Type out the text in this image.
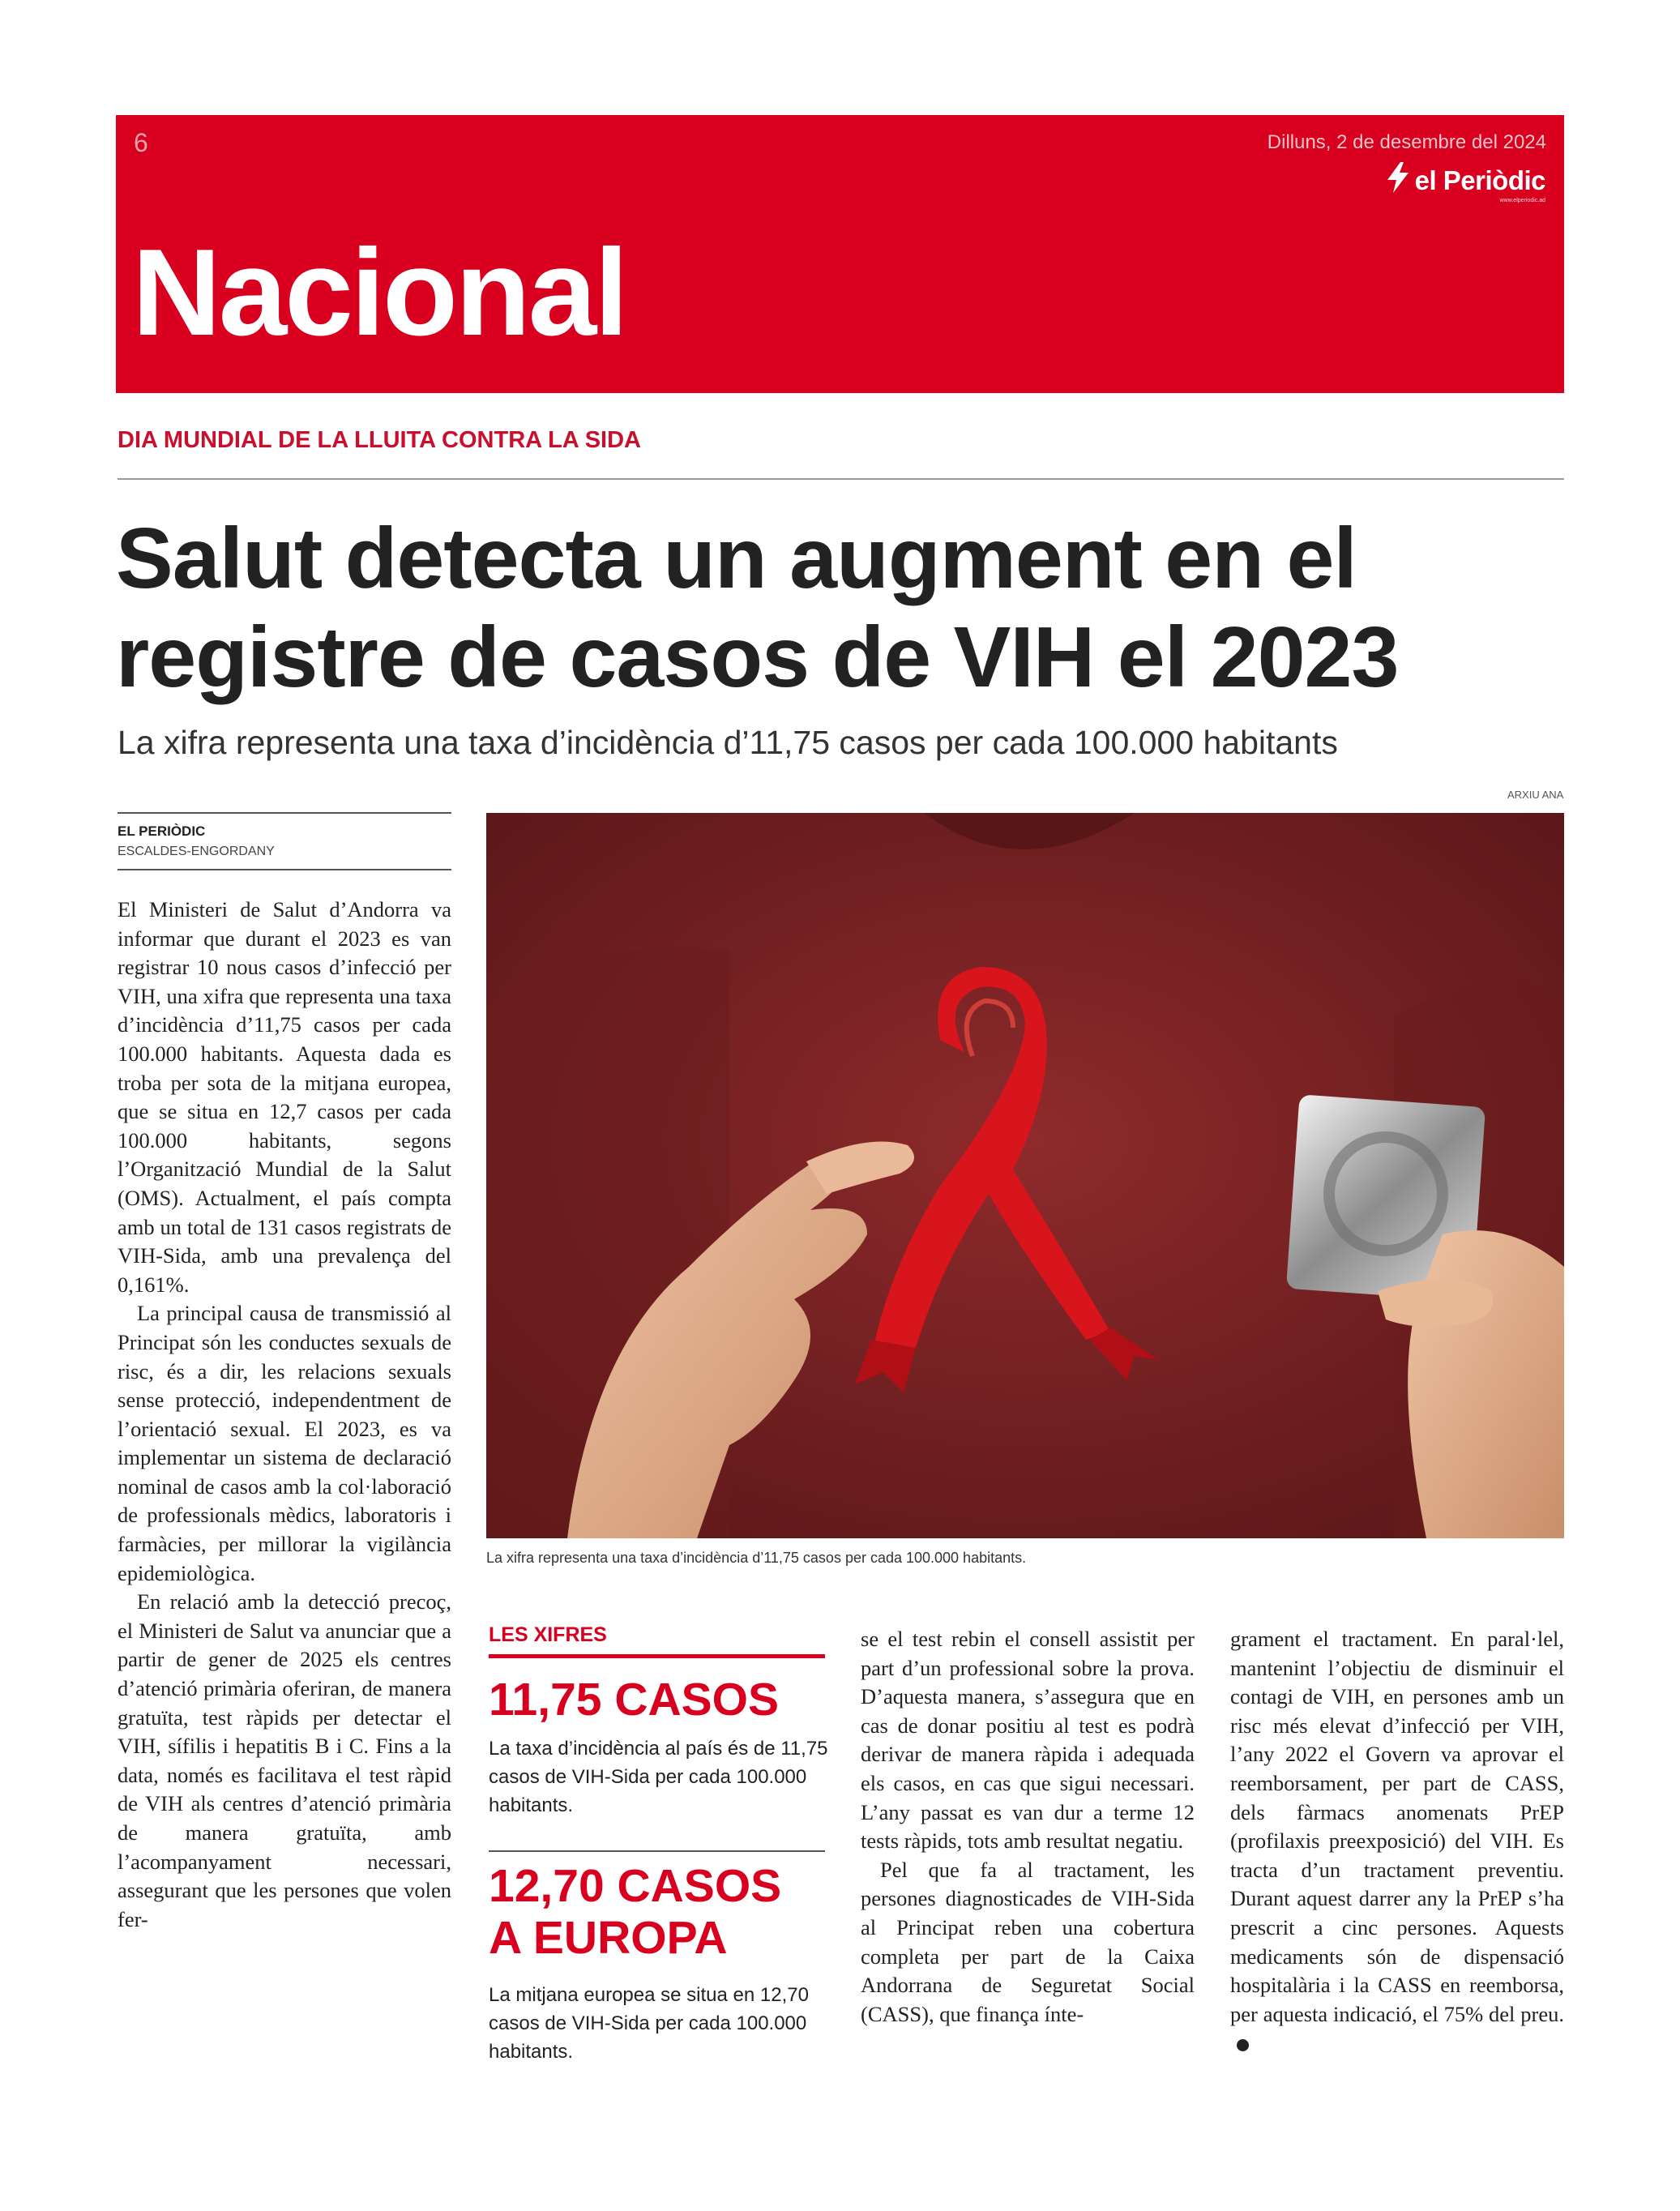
6	Dilluns, 2 de desembre del 2024
el Periòdic
www.elperiodic.ad
Nacional
DIA MUNDIAL DE LA LLUITA CONTRA LA SIDA
Salut detecta un augment en el registre de casos de VIH el 2023
La xifra representa una taxa d’incidència d’11,75 casos per cada 100.000 habitants
ARXIU ANA
EL PERIÒDIC
ESCALDES-ENGORDANY

El Ministeri de Salut d’Andorra va informar que durant el 2023 es van registrar 10 nous casos d’infecció per VIH, una xifra que representa una taxa d’incidència d’11,75 casos per cada 100.000 habitants. Aquesta dada es troba per sota de la mitjana europea, que se situa en 12,7 casos per cada 100.000 habitants, segons l’Organització Mundial de la Salut (OMS). Actualment, el país compta amb un total de 131 casos registrats de VIH-Sida, amb una prevalença del 0,161%.

La principal causa de transmissió al Principat són les conductes sexuals de risc, és a dir, les relacions sexuals sense protecció, independentment de l’orientació sexual. El 2023, es va implementar un sistema de declaració nominal de casos amb la col·laboració de professionals mèdics, laboratoris i farmàcies, per millorar la vigilància epidemiològica.

En relació amb la detecció precoç, el Ministeri de Salut va anunciar que a partir de gener de 2025 els centres d’atenció primària oferiran, de manera gratuïta, test ràpids per detectar el VIH, sífilis i hepatitis B i C. Fins a la data, només es facilitava el test ràpid de VIH als centres d’atenció primària de manera gratuïta, amb l’acompanyament necessari, assegurant que les persones que volen fer-

La xifra representa una taxa d’incidència d’11,75 casos per cada 100.000 habitants.
LES XIFRES
11,75 CASOS
La taxa d’incidència al país és de 11,75 casos de VIH-Sida per cada 100.000 habitants.
12,70 CASOS
A EUROPA
La mitjana europea se situa en 12,70 casos de VIH-Sida per cada 100.000 habitants.

se el test rebin el consell assistit per part d’un professional sobre la prova. D’aquesta manera, s’assegura que en cas de donar positiu al test es podrà derivar de manera ràpida i adequada els casos, en cas que sigui necessari. L’any passat es van dur a terme 12 tests ràpids, tots amb resultat negatiu.

Pel que fa al tractament, les persones diagnosticades de VIH-Sida al Principat reben una cobertura completa per part de la Caixa Andorrana de Seguretat Social (CASS), que finança ínte-

grament el tractament. En paral·lel, mantenint l’objectiu de disminuir el contagi de VIH, en persones amb un risc més elevat d’infecció per VIH, l’any 2022 el Govern va aprovar el reemborsament, per part de CASS, dels fàrmacs anomenats PrEP (profilaxis preexposició) del VIH. Es tracta d’un tractament preventiu. Durant aquest darrer any la PrEP s’ha prescrit a cinc persones. Aquests medicaments són de dispensació hospitalària i la CASS en reemborsa, per aquesta indicació, el 75% del preu.
